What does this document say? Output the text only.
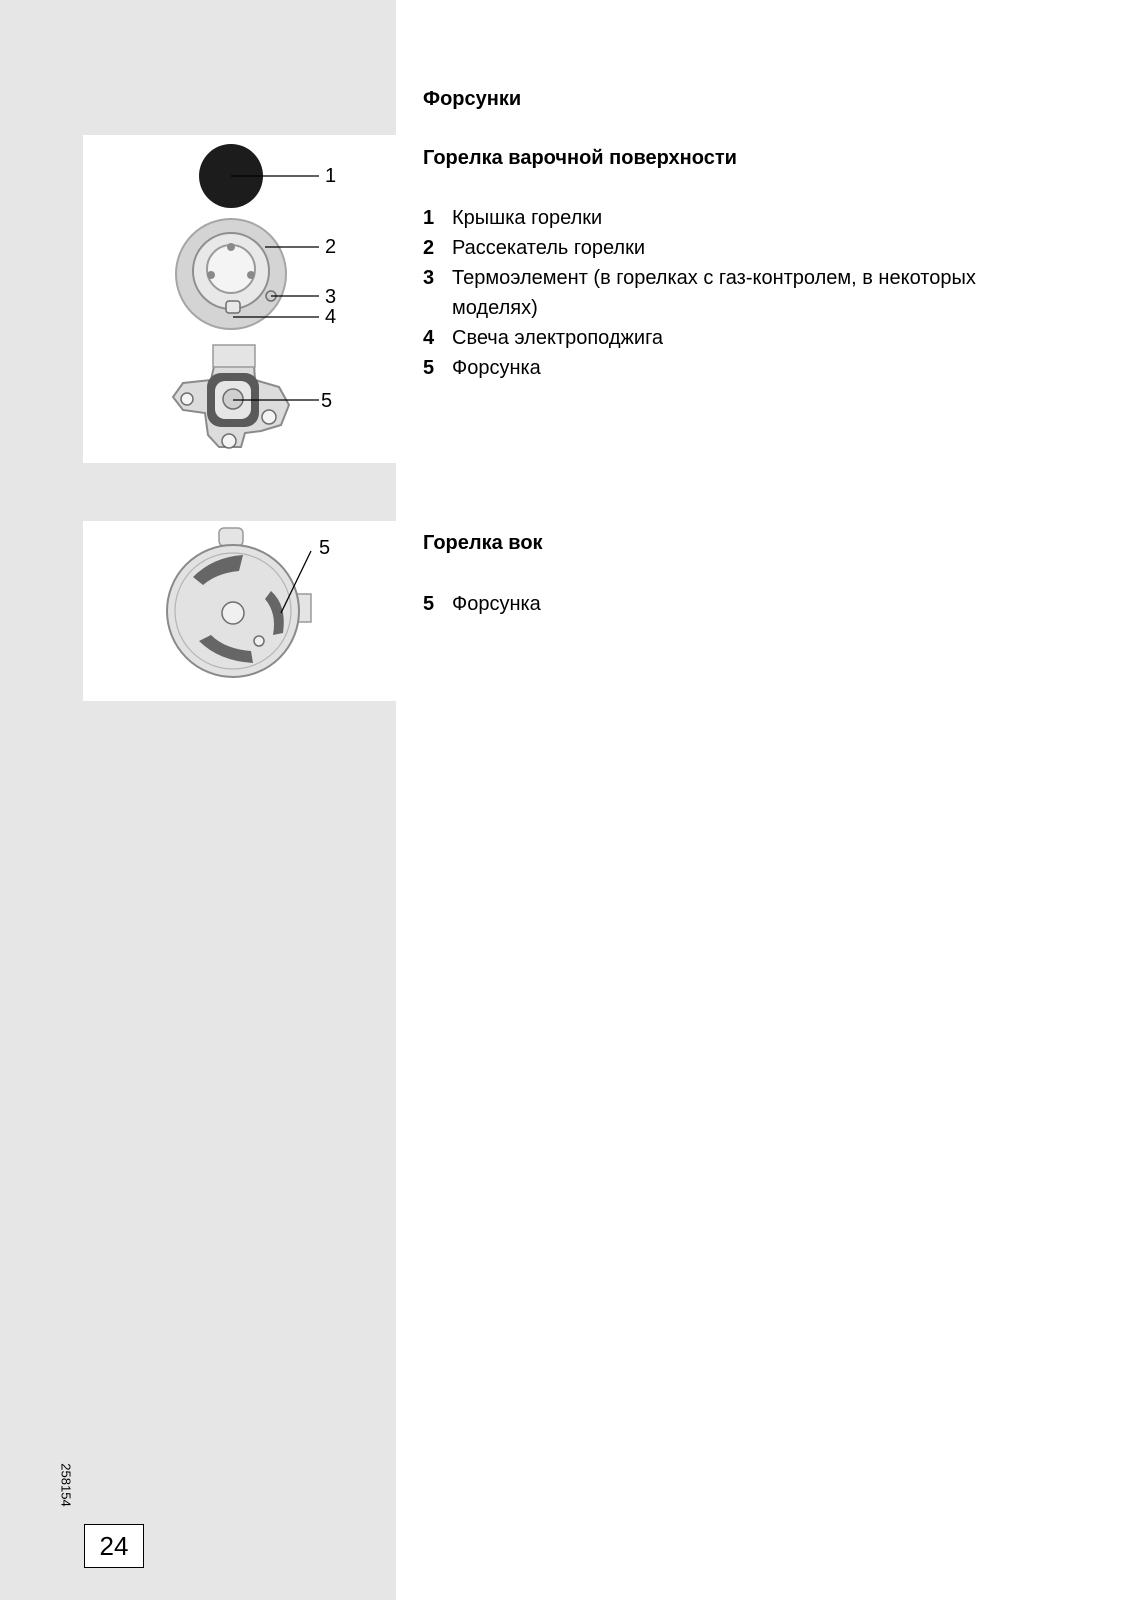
1
2
3
4
5
5
Форсунки
Горелка варочной поверхности
1 Крышка горелки
2 Рассекатель горелки
3 Термоэлемент (в горелках с газ-контролем, в некоторых моделях)
4 Свеча электроподжига
5 Форсунка
Горелка вок
5 Форсунка
258154
24
